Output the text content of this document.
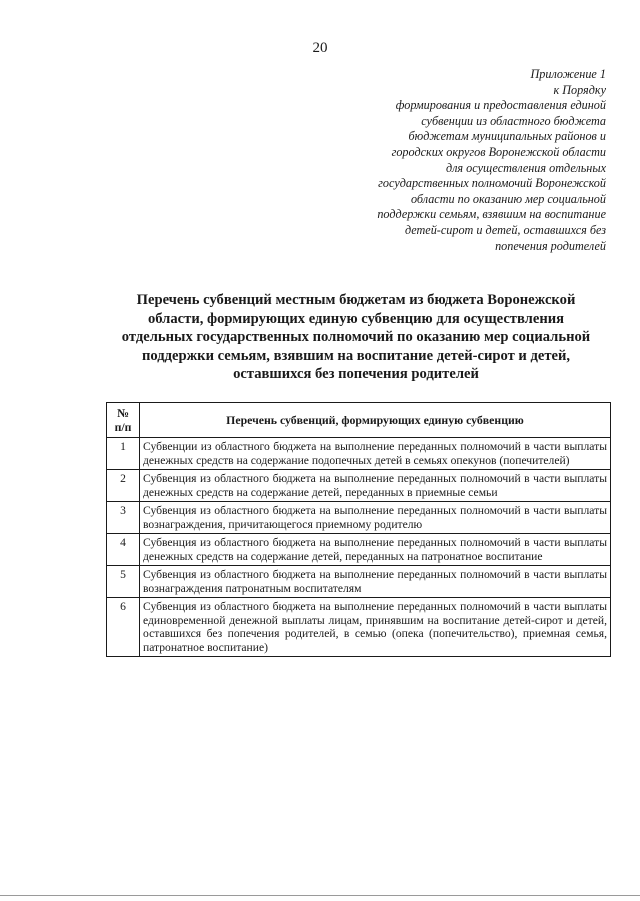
20
Приложение 1
к Порядку
формирования и предоставления единой
субвенции из областного бюджета
бюджетам муниципальных районов и
городских округов Воронежской области
для осуществления отдельных
государственных полномочий Воронежской
области по оказанию мер социальной
поддержки семьям, взявшим на воспитание
детей-сирот и детей, оставшихся без
попечения родителей
Перечень субвенций местным бюджетам из бюджета Воронежской
области, формирующих единую субвенцию для осуществления
отдельных государственных полномочий по оказанию мер социальной
поддержки семьям, взявшим на воспитание детей-сирот и детей,
оставшихся без попечения родителей
№
п/п	Перечень субвенций, формирующих единую субвенцию
1	Субвенции из областного бюджета на выполнение переданных полномочий в части выплаты денежных средств на содержание подопечных детей в семьях опекунов (попечителей)
2	Субвенция из областного бюджета на выполнение переданных полномочий в части выплаты денежных средств на содержание детей, переданных в приемные семьи
3	Субвенция из областного бюджета на выполнение переданных полномочий в части выплаты вознаграждения, причитающегося приемному родителю
4	Субвенция из областного бюджета на выполнение переданных полномочий в части выплаты денежных средств на содержание детей, переданных на патронатное воспитание
5	Субвенция из областного бюджета на выполнение переданных полномочий в части выплаты вознаграждения патронатным воспитателям
6	Субвенция из областного бюджета на выполнение переданных полномочий в части выплаты единовременной денежной выплаты лицам, принявшим на воспитание детей-сирот и детей, оставшихся без попечения родителей, в семью (опека (попечительство), приемная семья, патронатное воспитание)
